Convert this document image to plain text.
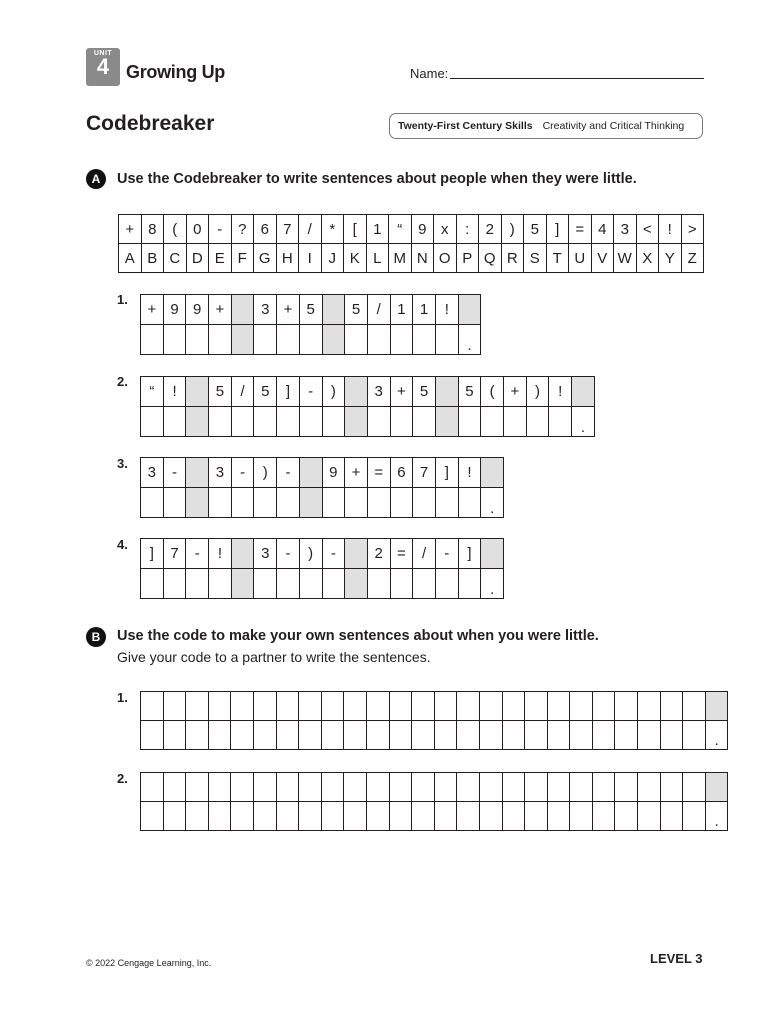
UNIT
4 Growing Up	Name:
Codebreaker	Twenty-First Century Skills Creativity and Critical Thinking
A	Use the Codebreaker to write sentences about people when they were little.
+	8	(	0	-	?	6	7	/	*	[	1	“	9	x	:	2	)	5	]	=	4	3	<	!	>
A	B	C	D	E	F	G	H	I	J	K	L	M	N	O	P	Q	R	S	T	U	V	W	X	Y	Z
1.
+	9	9	+		3	+	5		5	/	1	1	!	
														.
2.
“	!		5	/	5	]	-	)		3	+	5		5	(	+	)	!	
																			.
3.
3	-		3	-	)	-		9	+	=	6	7	]	!	
															.
4.
]	7	-	!		3	-	)	-		2	=	/	-	]	
															.
B	Use the code to make your own sentences about when you were little.
Give your code to a partner to write the sentences.
1.

																									.
2.

																									.
© 2022 Cengage Learning, Inc.	LEVEL 3
